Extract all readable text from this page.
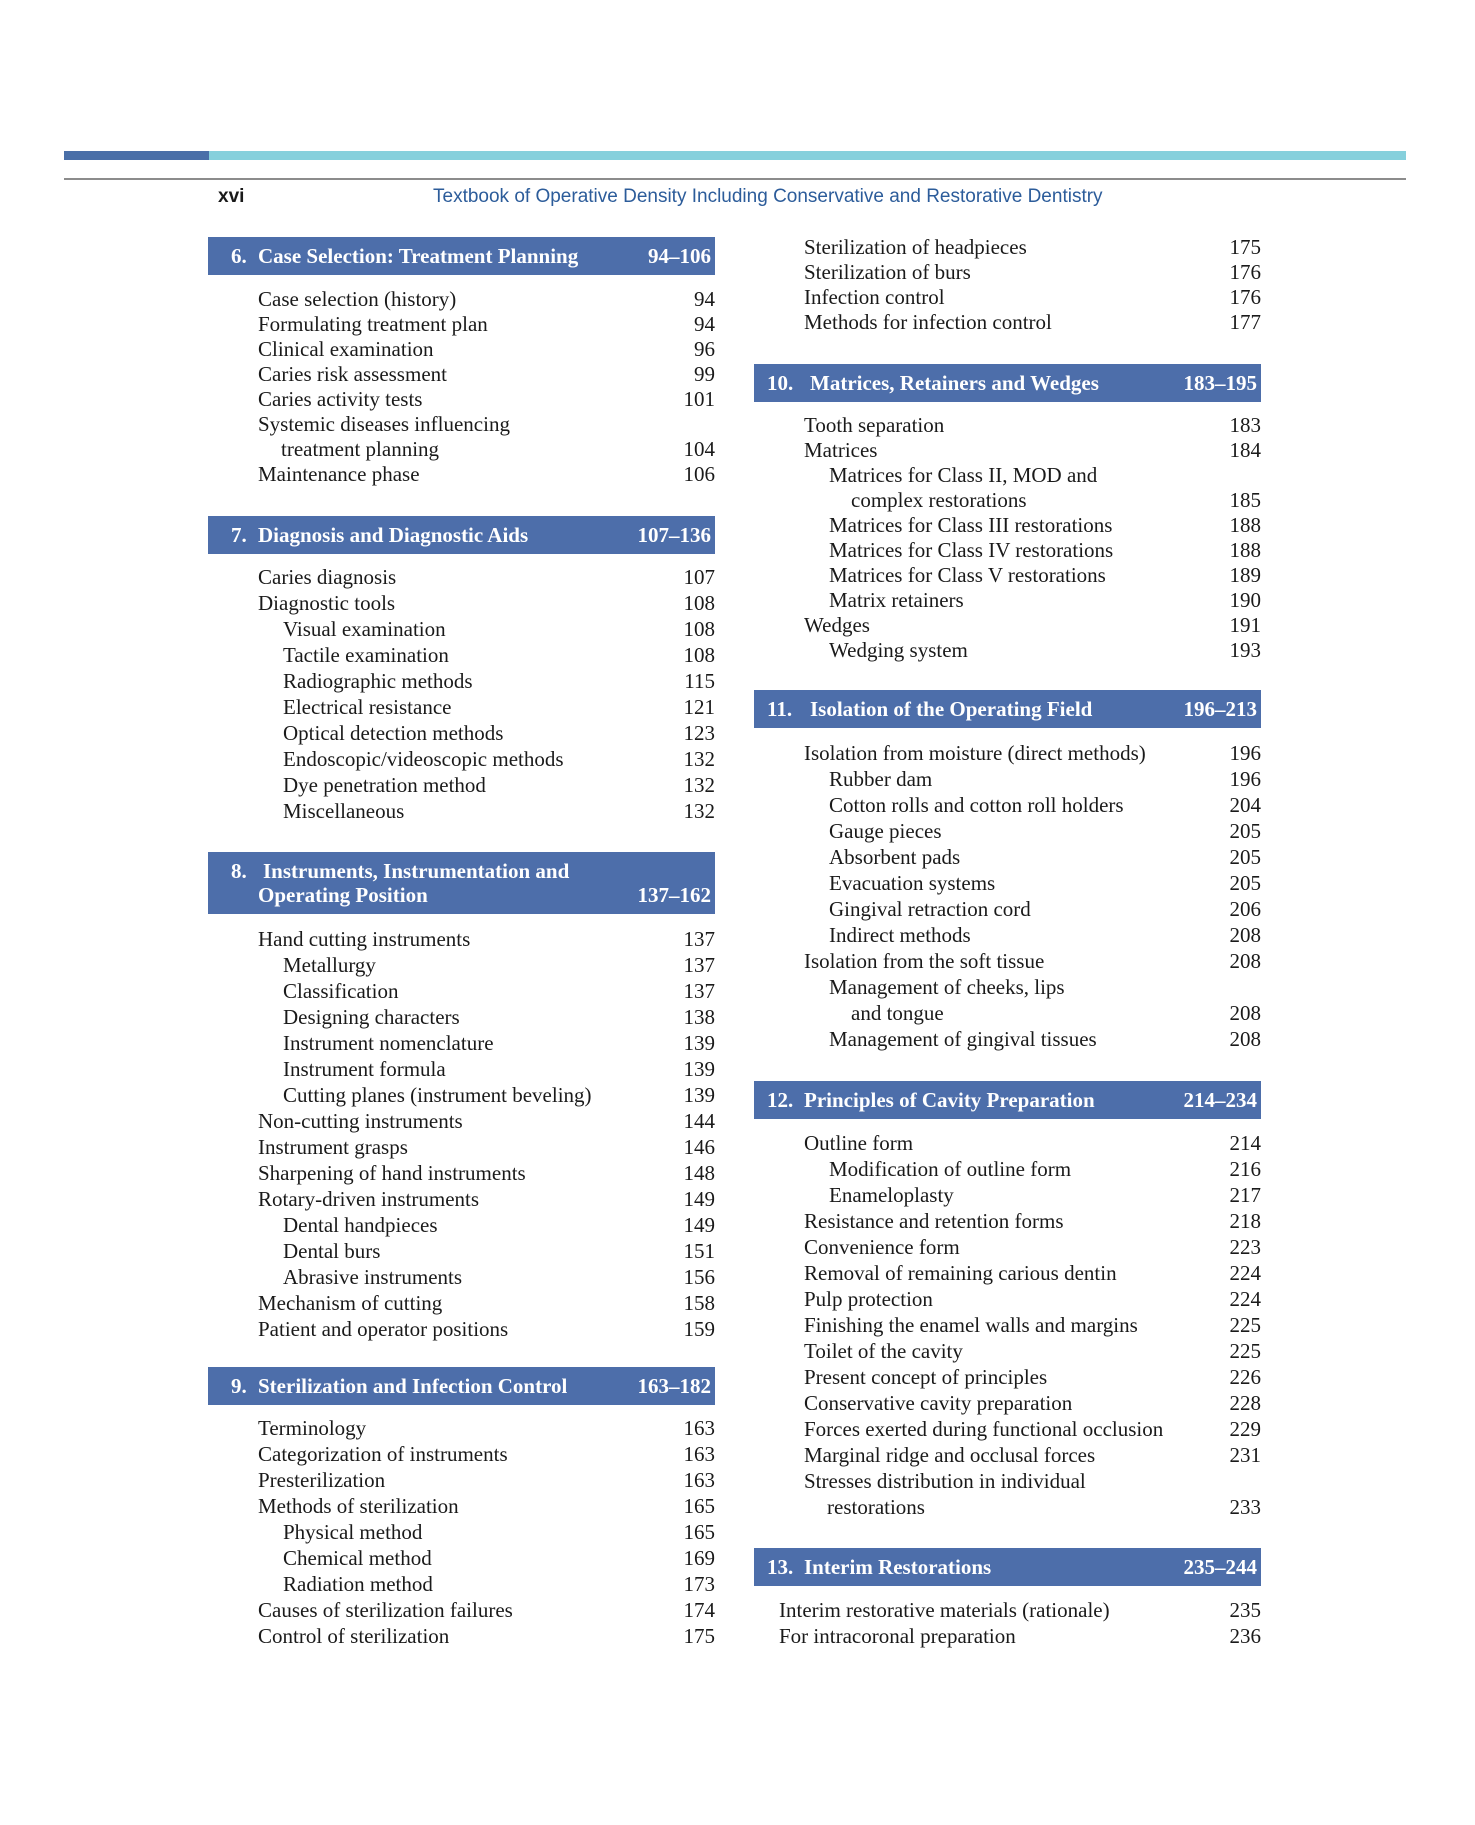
xvi	Textbook of Operative Density Including Conservative and Restorative Dentistry
6. Case Selection: Treatment Planning	94–106
Case selection (history)	94
Formulating treatment plan	94
Clinical examination	96
Caries risk assessment	99
Caries activity tests	101
Systemic diseases influencing
treatment planning	104
Maintenance phase	106
7. Diagnosis and Diagnostic Aids	107–136
Caries diagnosis	107
Diagnostic tools	108
Visual examination	108
Tactile examination	108
Radiographic methods	115
Electrical resistance	121
Optical detection methods	123
Endoscopic/videoscopic methods	132
Dye penetration method	132
Miscellaneous	132
8. Instruments, Instrumentation and
Operating Position	137–162
Hand cutting instruments	137
Metallurgy	137
Classification	137
Designing characters	138
Instrument nomenclature	139
Instrument formula	139
Cutting planes (instrument beveling)	139
Non-cutting instruments	144
Instrument grasps	146
Sharpening of hand instruments	148
Rotary-driven instruments	149
Dental handpieces	149
Dental burs	151
Abrasive instruments	156
Mechanism of cutting	158
Patient and operator positions	159
9. Sterilization and Infection Control	163–182
Terminology	163
Categorization of instruments	163
Presterilization	163
Methods of sterilization	165
Physical method	165
Chemical method	169
Radiation method	173
Causes of sterilization failures	174
Control of sterilization	175
Sterilization of headpieces	175
Sterilization of burs	176
Infection control	176
Methods for infection control	177
10. Matrices, Retainers and Wedges	183–195
Tooth separation	183
Matrices	184
Matrices for Class II, MOD and
complex restorations	185
Matrices for Class III restorations	188
Matrices for Class IV restorations	188
Matrices for Class V restorations	189
Matrix retainers	190
Wedges	191
Wedging system	193
11. Isolation of the Operating Field	196–213
Isolation from moisture (direct methods)	196
Rubber dam	196
Cotton rolls and cotton roll holders	204
Gauge pieces	205
Absorbent pads	205
Evacuation systems	205
Gingival retraction cord	206
Indirect methods	208
Isolation from the soft tissue	208
Management of cheeks, lips
and tongue	208
Management of gingival tissues	208
12. Principles of Cavity Preparation	214–234
Outline form	214
Modification of outline form	216
Enameloplasty	217
Resistance and retention forms	218
Convenience form	223
Removal of remaining carious dentin	224
Pulp protection	224
Finishing the enamel walls and margins	225
Toilet of the cavity	225
Present concept of principles	226
Conservative cavity preparation	228
Forces exerted during functional occlusion	229
Marginal ridge and occlusal forces	231
Stresses distribution in individual
restorations	233
13. Interim Restorations	235–244
Interim restorative materials (rationale)	235
For intracoronal preparation	236
